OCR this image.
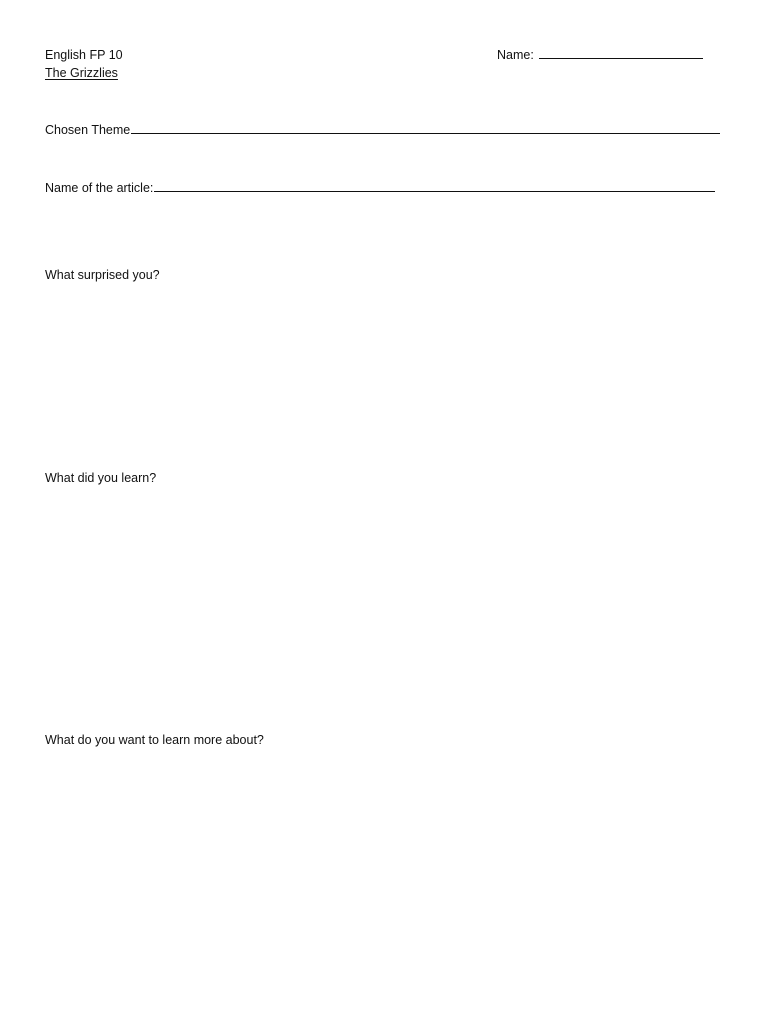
English FP 10
The Grizzlies
Name:
Chosen Theme
Name of the article:
What surprised you?
What did you learn?
What do you want to learn more about?
